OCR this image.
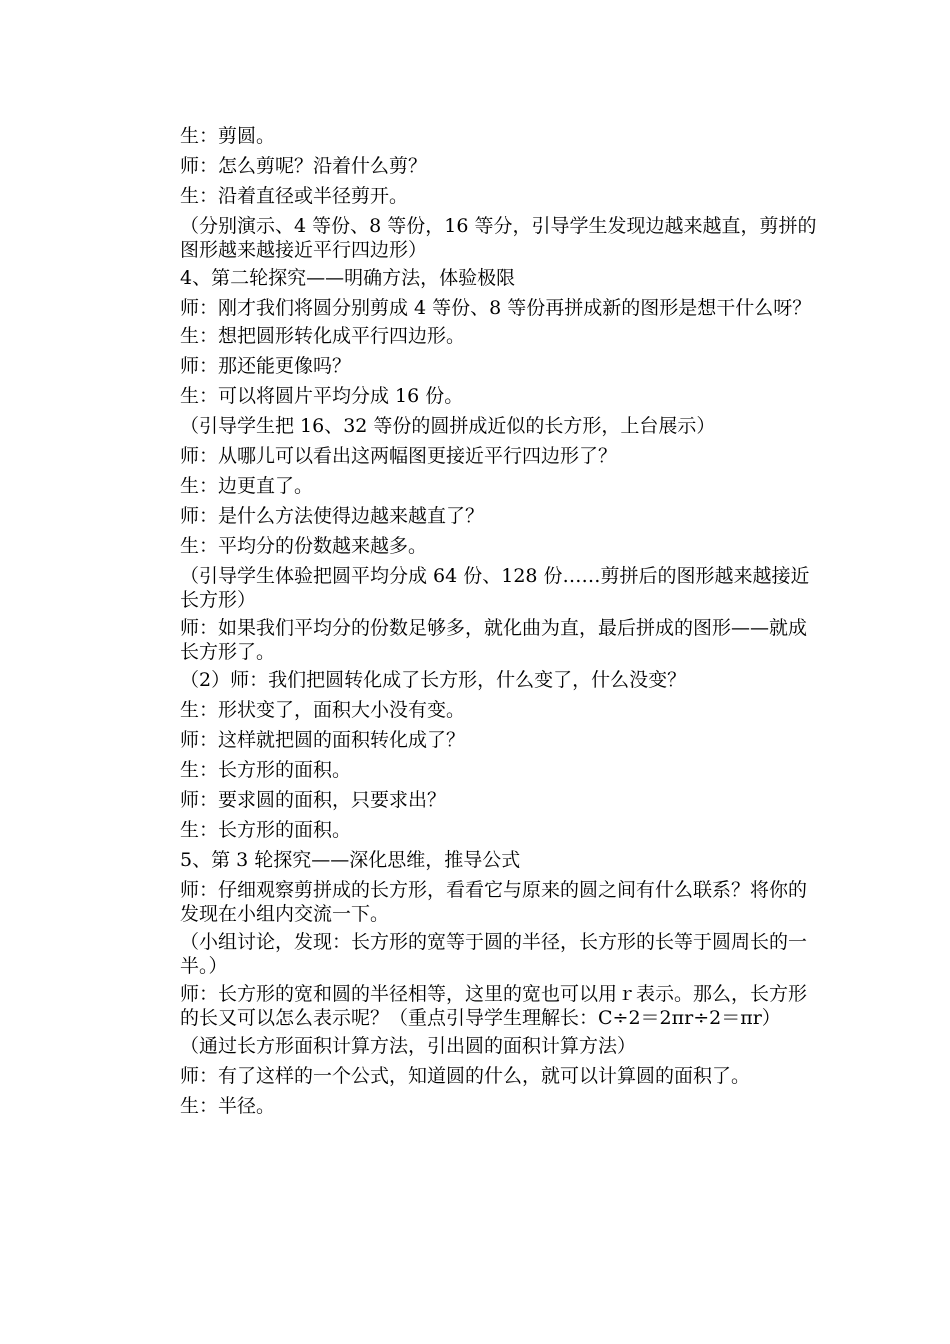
生：剪圆。

师：怎么剪呢？沿着什么剪？

生：沿着直径或半径剪开。

（分别演示、4 等份、8 等份，16 等分，引导学生发现边越来越直，剪拼的图形越来越接近平行四边形）

4、第二轮探究——明确方法，体验极限

师：刚才我们将圆分别剪成 4 等份、8 等份再拼成新的图形是想干什么呀？

生：想把圆形转化成平行四边形。

师：那还能更像吗？

生：可以将圆片平均分成 16 份。

（引导学生把 16、32 等份的圆拼成近似的长方形，上台展示）

师：从哪儿可以看出这两幅图更接近平行四边形了？

生：边更直了。

师：是什么方法使得边越来越直了？

生：平均分的份数越来越多。

（引导学生体验把圆平均分成 64 份、128 份……剪拼后的图形越来越接近长方形）

师：如果我们平均分的份数足够多，就化曲为直，最后拼成的图形——就成长方形了。

（2）师：我们把圆转化成了长方形，什么变了，什么没变？

生：形状变了，面积大小没有变。

师：这样就把圆的面积转化成了？

生：长方形的面积。

师：要求圆的面积，只要求出？

生：长方形的面积。

5、第 3 轮探究——深化思维，推导公式

师：仔细观察剪拼成的长方形，看看它与原来的圆之间有什么联系？将你的发现在小组内交流一下。

（小组讨论，发现：长方形的宽等于圆的半径，长方形的长等于圆周长的一半。）

师：长方形的宽和圆的半径相等，这里的宽也可以用ｒ表示。那么，长方形的长又可以怎么表示呢？（重点引导学生理解长：C÷2＝2πr÷2＝πr）

（通过长方形面积计算方法，引出圆的面积计算方法）

师：有了这样的一个公式，知道圆的什么，就可以计算圆的面积了。

生：半径。
